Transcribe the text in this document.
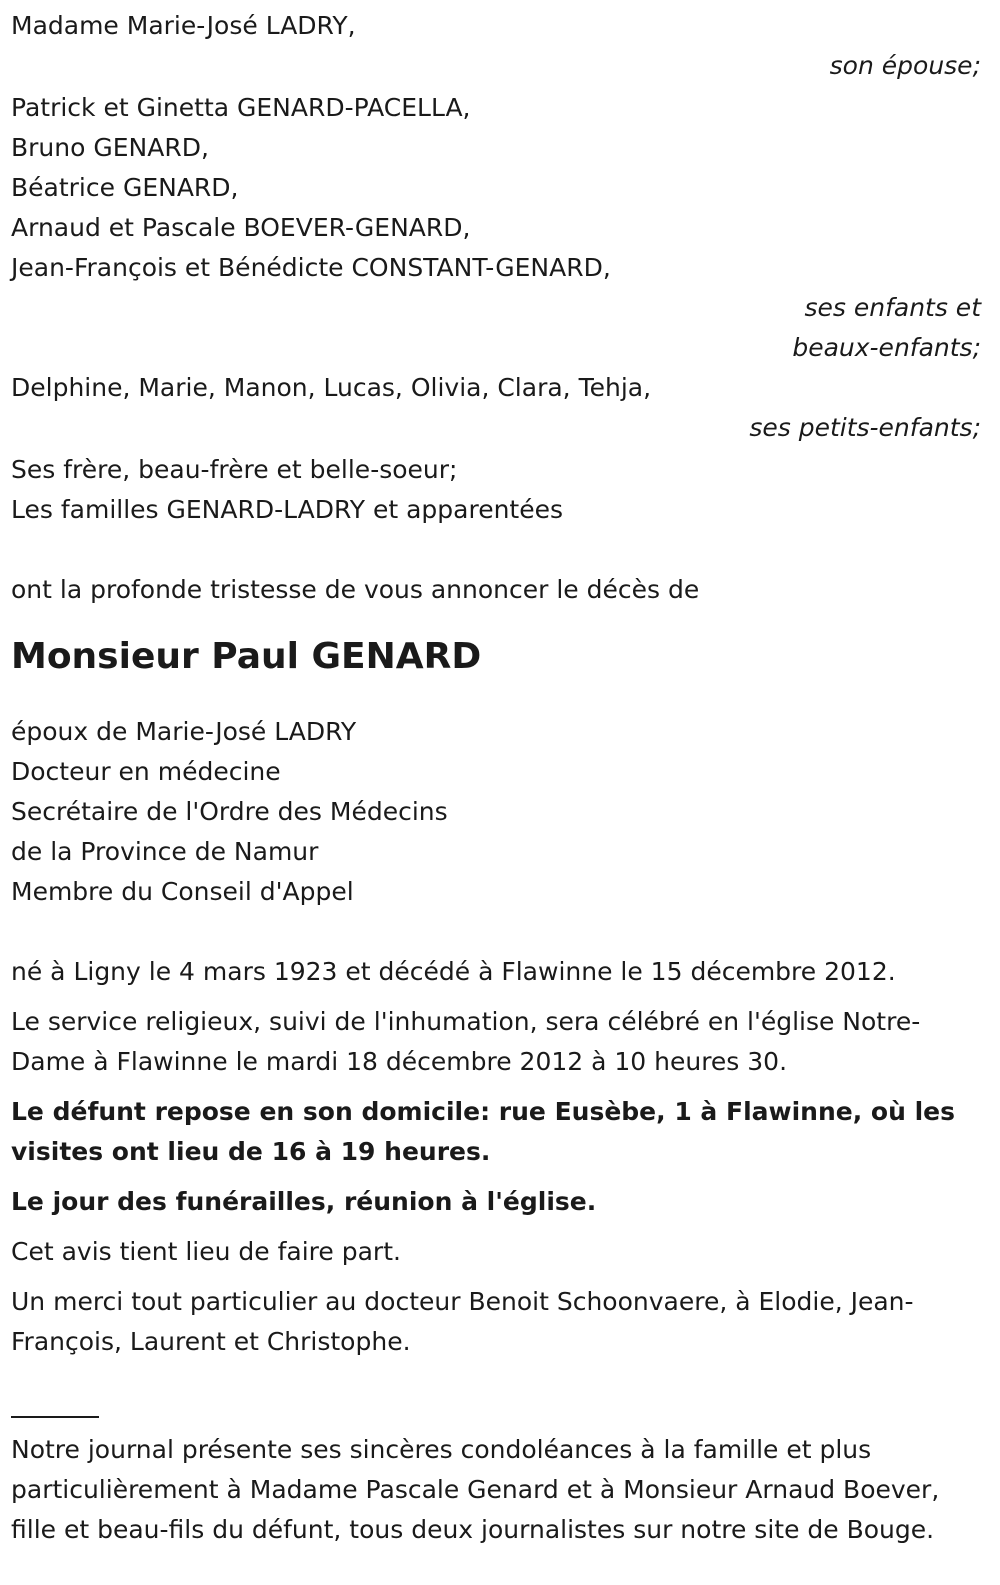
Madame Marie-José LADRY,
son épouse;
Patrick et Ginetta GENARD-PACELLA,
Bruno GENARD,
Béatrice GENARD,
Arnaud et Pascale BOEVER-GENARD,
Jean-François et Bénédicte CONSTANT-GENARD,
ses enfants et
beaux-enfants;
Delphine, Marie, Manon, Lucas, Olivia, Clara, Tehja,
ses petits-enfants;
Ses frère, beau-frère et belle-soeur;
Les familles GENARD-LADRY et apparentées
ont la profonde tristesse de vous annoncer le décès de
Monsieur Paul GENARD
époux de Marie-José LADRY
Docteur en médecine
Secrétaire de l'Ordre des Médecins
de la Province de Namur
Membre du Conseil d'Appel
né à Ligny le 4 mars 1923 et décédé à Flawinne le 15 décembre 2012.
Le service religieux, suivi de l'inhumation, sera célébré en l'église Notre-Dame à Flawinne le mardi 18 décembre 2012 à 10 heures 30.
Le défunt repose en son domicile: rue Eusèbe, 1 à Flawinne, où les visites ont lieu de 16 à 19 heures.
Le jour des funérailles, réunion à l'église.
Cet avis tient lieu de faire part.
Un merci tout particulier au docteur Benoit Schoonvaere, à Elodie, Jean-François, Laurent et Christophe.
Notre journal présente ses sincères condoléances à la famille et plus particulièrement à Madame Pascale Genard et à Monsieur Arnaud Boever, fille et beau-fils du défunt, tous deux journalistes sur notre site de Bouge.
